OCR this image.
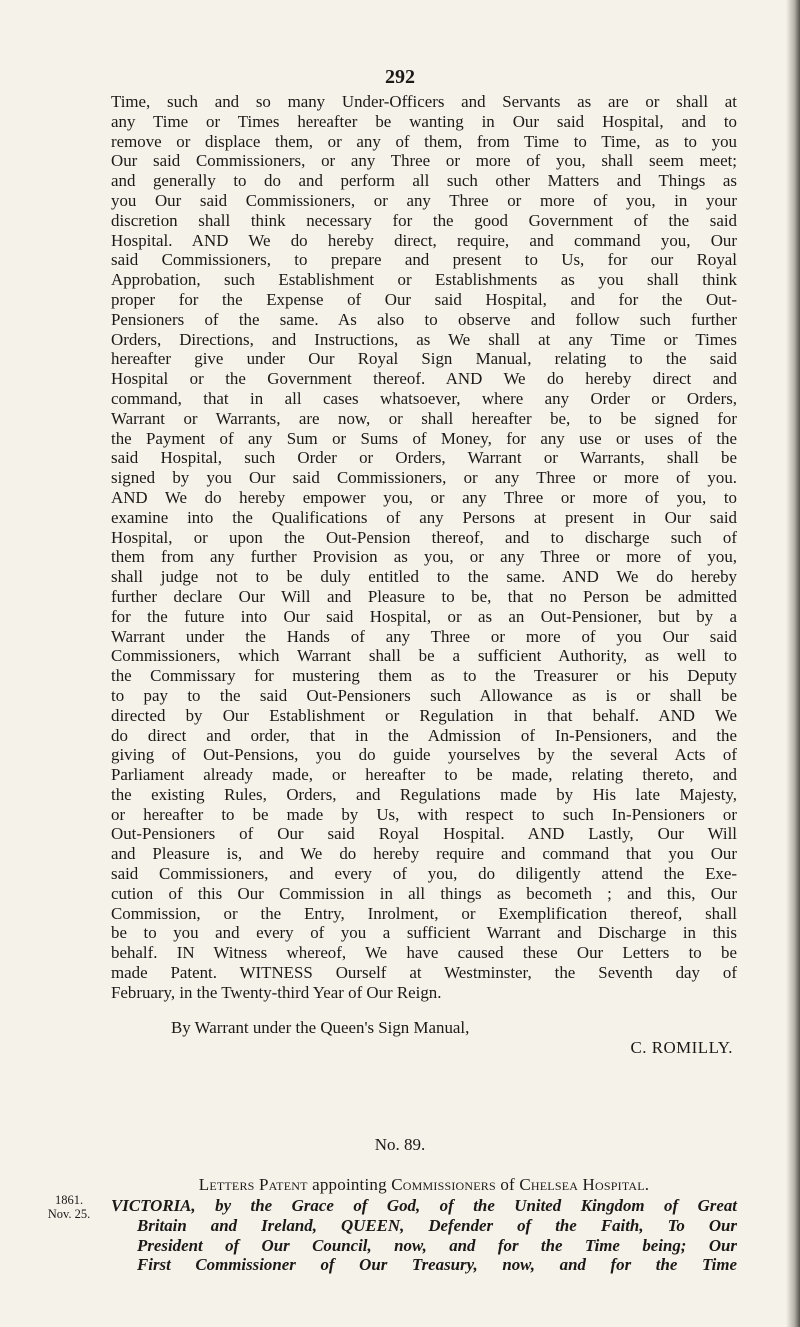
292
Time, such and so many Under-Officers and Servants as are or shall at
any Time or Times hereafter be wanting in Our said Hospital, and to
remove or displace them, or any of them, from Time to Time, as to you
Our said Commissioners, or any Three or more of you, shall seem meet;
and generally to do and perform all such other Matters and Things as
you Our said Commissioners, or any Three or more of you, in your
discretion shall think necessary for the good Government of the said
Hospital. AND We do hereby direct, require, and command you, Our
said Commissioners, to prepare and present to Us, for our Royal
Approbation, such Establishment or Establishments as you shall think
proper for the Expense of Our said Hospital, and for the Out-
Pensioners of the same. As also to observe and follow such further
Orders, Directions, and Instructions, as We shall at any Time or Times
hereafter give under Our Royal Sign Manual, relating to the said
Hospital or the Government thereof. AND We do hereby direct and
command, that in all cases whatsoever, where any Order or Orders,
Warrant or Warrants, are now, or shall hereafter be, to be signed for
the Payment of any Sum or Sums of Money, for any use or uses of the
said Hospital, such Order or Orders, Warrant or Warrants, shall be
signed by you Our said Commissioners, or any Three or more of you.
AND We do hereby empower you, or any Three or more of you, to
examine into the Qualifications of any Persons at present in Our said
Hospital, or upon the Out-Pension thereof, and to discharge such of
them from any further Provision as you, or any Three or more of you,
shall judge not to be duly entitled to the same. AND We do hereby
further declare Our Will and Pleasure to be, that no Person be admitted
for the future into Our said Hospital, or as an Out-Pensioner, but by a
Warrant under the Hands of any Three or more of you Our said
Commissioners, which Warrant shall be a sufficient Authority, as well to
the Commissary for mustering them as to the Treasurer or his Deputy
to pay to the said Out-Pensioners such Allowance as is or shall be
directed by Our Establishment or Regulation in that behalf. AND We
do direct and order, that in the Admission of In-Pensioners, and the
giving of Out-Pensions, you do guide yourselves by the several Acts of
Parliament already made, or hereafter to be made, relating thereto, and
the existing Rules, Orders, and Regulations made by His late Majesty,
or hereafter to be made by Us, with respect to such In-Pensioners or
Out-Pensioners of Our said Royal Hospital. AND Lastly, Our Will
and Pleasure is, and We do hereby require and command that you Our
said Commissioners, and every of you, do diligently attend the Exe-
cution of this Our Commission in all things as becometh ; and this, Our
Commission, or the Entry, Inrolment, or Exemplification thereof, shall
be to you and every of you a sufficient Warrant and Discharge in this
behalf. IN Witness whereof, We have caused these Our Letters to be
made Patent. WITNESS Ourself at Westminster, the Seventh day of
February, in the Twenty-third Year of Our Reign.
By Warrant under the Queen's Sign Manual,
C. ROMILLY.
No. 89.
Letters Patent appointing Commissioners of Chelsea Hospital.
1861.
Nov. 25.	VICTORIA, by the Grace of God, of the United Kingdom of Great
Britain and Ireland, QUEEN, Defender of the Faith, To Our
President of Our Council, now, and for the Time being; Our
First Commissioner of Our Treasury, now, and for the Time
